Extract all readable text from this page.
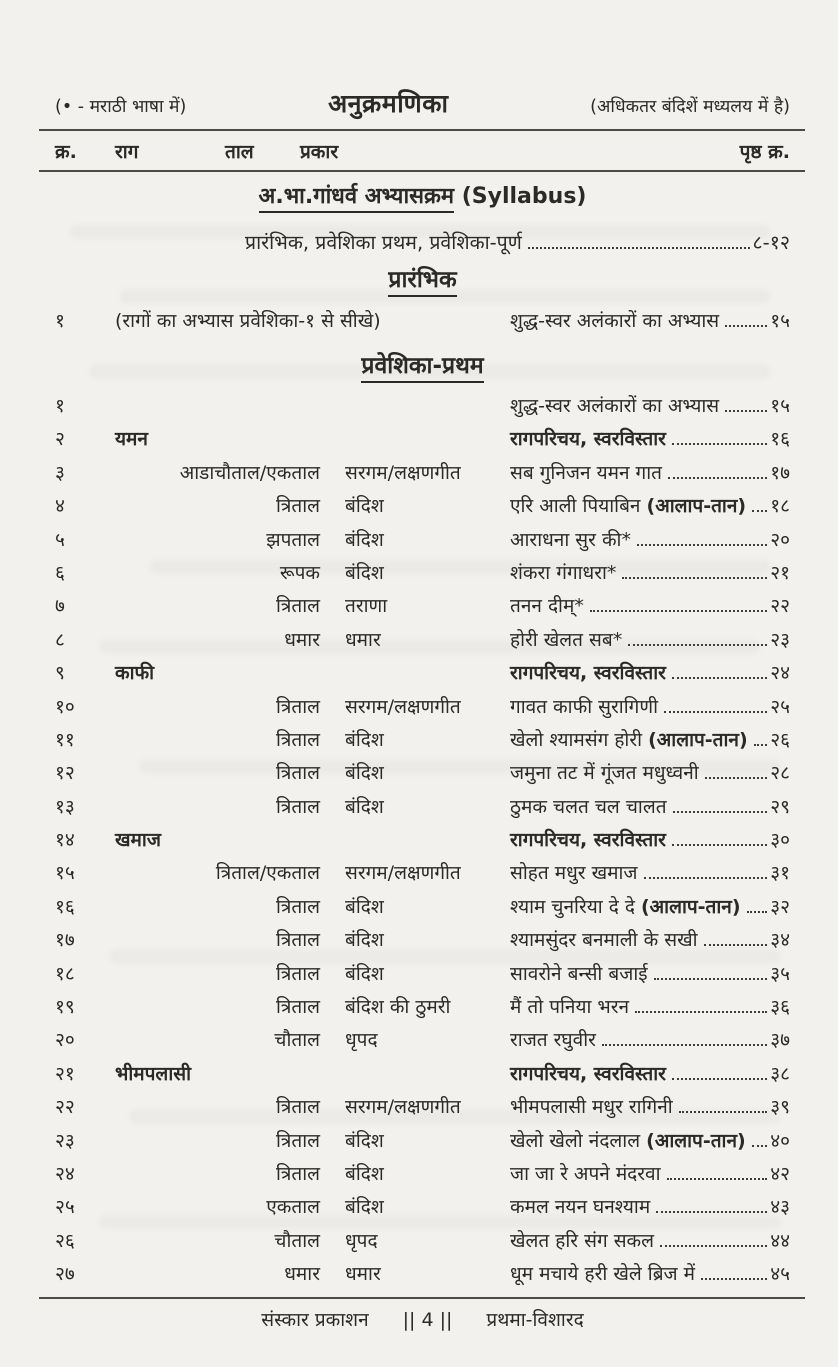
(• - मराठी भाषा में)	अनुक्रमणिका	(अधिकतर बंदिशें मध्यलय में है)
क्र. राग	ताल प्रकार	पृष्ठ क्र.
अ.भा.गांधर्व अभ्यासक्रम (Syllabus)
प्रारंभिक, प्रवेशिका प्रथम, प्रवेशिका-पूर्ण	८-१२
प्रारंभिक
१	(रागों का अभ्यास प्रवेशिका-१ से सीखे)	शुद्ध-स्वर अलंकारों का अभ्यास	१५
प्रवेशिका-प्रथम
१	शुद्ध-स्वर अलंकारों का अभ्यास	१५
२	यमन	रागपरिचय, स्वरविस्तार	१६
३	आडाचौताल/एकताल	सरगम/लक्षणगीत	सब गुनिजन यमन गात	१७
४	त्रिताल	बंदिश	एरि आली पियाबिन (आलाप-तान) १८
५	झपताल	बंदिश	आराधना सुर की*	२०
६	रूपक	बंदिश	शंकरा गंगाधरा*	२१
७	त्रिताल	तराणा	तनन दीम्*	२२
८	धमार	धमार	होरी खेलत सब*	२३
९	काफी	रागपरिचय, स्वरविस्तार	२४
१०	त्रिताल	सरगम/लक्षणगीत	गावत काफी सुरागिणी	२५
११	त्रिताल	बंदिश	खेलो श्यामसंग होरी (आलाप-तान) २६
१२	त्रिताल	बंदिश	जमुना तट में गूंजत मधुध्वनी	२८
१३	त्रिताल	बंदिश	ठुमक चलत चल चालत	२९
१४	खमाज	रागपरिचय, स्वरविस्तार	३०
१५	त्रिताल/एकताल	सरगम/लक्षणगीत	सोहत मधुर खमाज	३१
१६	त्रिताल	बंदिश	श्याम चुनरिया दे दे (आलाप-तान) ३२
१७	त्रिताल	बंदिश	श्यामसुंदर बनमाली के सखी	३४
१८	त्रिताल	बंदिश	सावरोने बन्सी बजाई	३५
१९	त्रिताल	बंदिश की ठुमरी	मैं तो पनिया भरन	३६
२०	चौताल	धृपद	राजत रघुवीर	३७
२१	भीमपलासी	रागपरिचय, स्वरविस्तार	३८
२२	त्रिताल	सरगम/लक्षणगीत	भीमपलासी मधुर रागिनी	३९
२३	त्रिताल	बंदिश	खेलो खेलो नंदलाल (आलाप-तान) ४०
२४	त्रिताल	बंदिश	जा जा रे अपने मंदरवा	४२
२५	एकताल	बंदिश	कमल नयन घनश्याम	४३
२६	चौताल	धृपद	खेलत हरि संग सकल	४४
२७	धमार	धमार	धूम मचाये हरी खेले ब्रिज में	४५
संस्कार प्रकाशन || 4 || प्रथमा-विशारद
